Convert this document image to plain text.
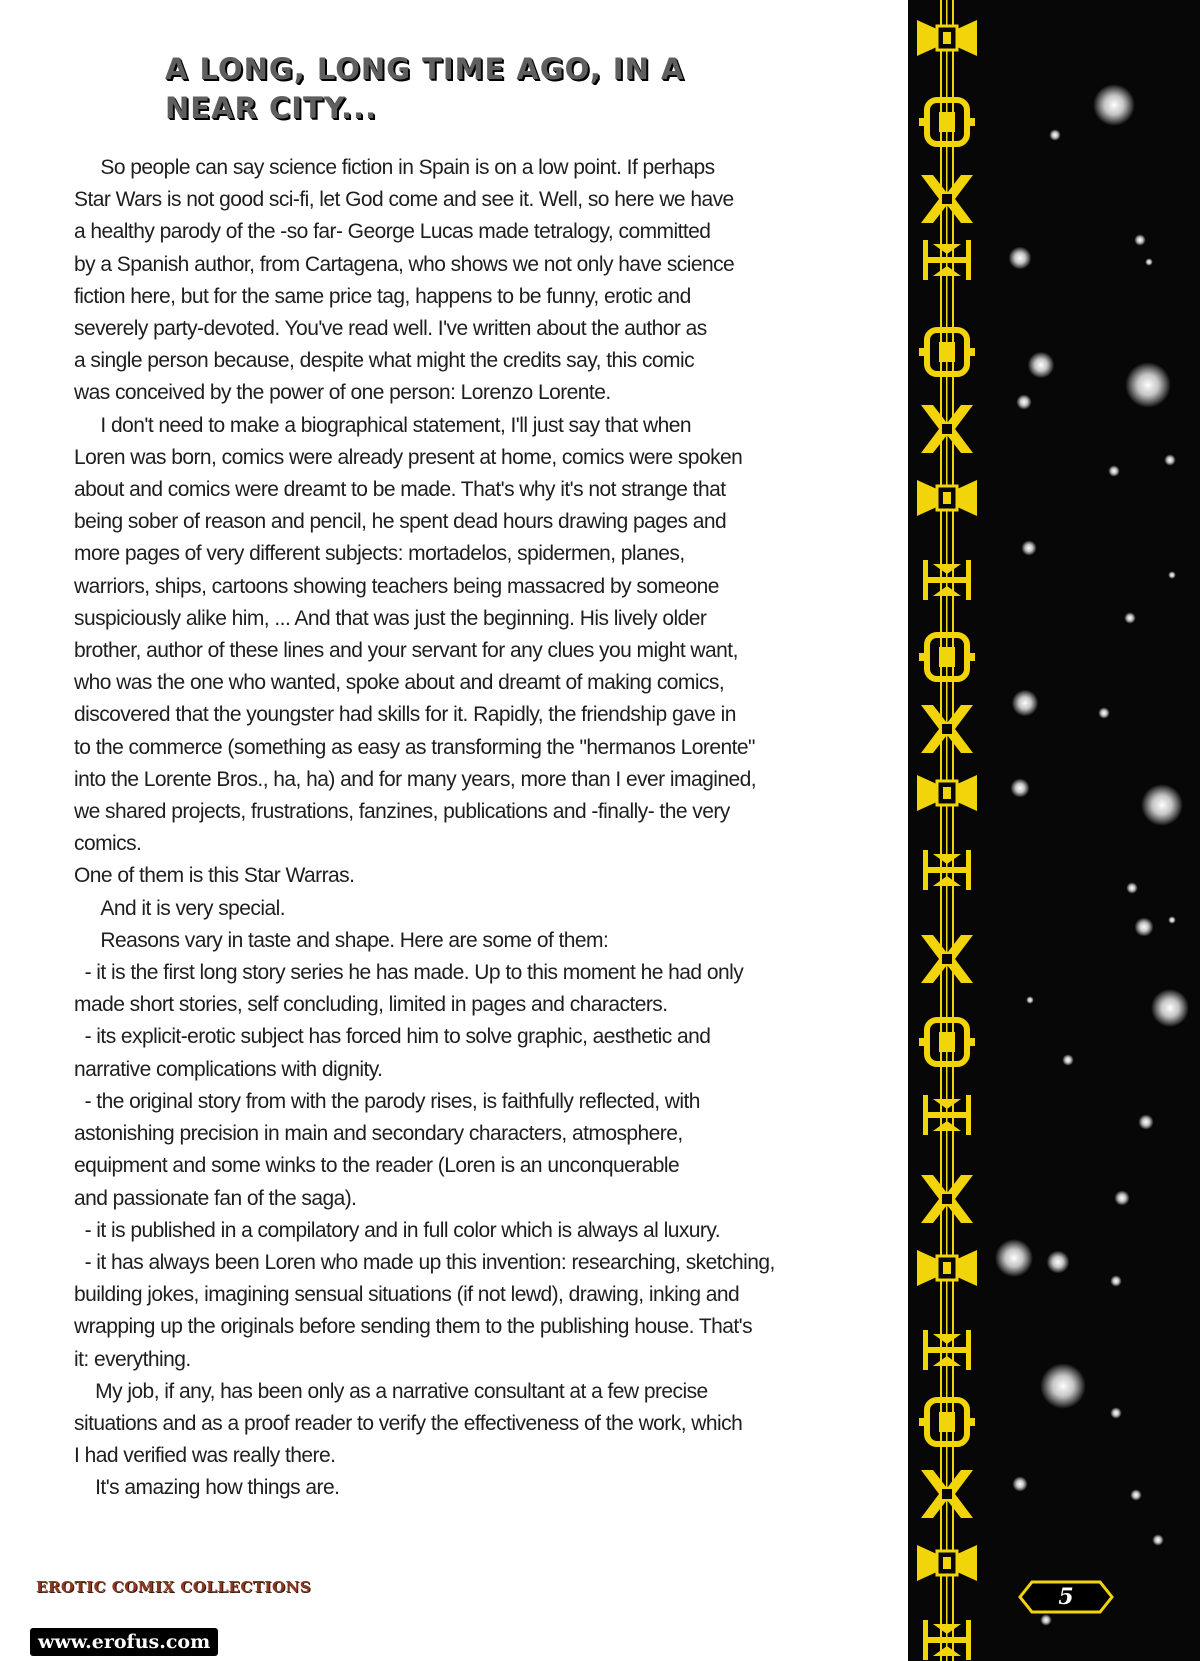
A LONG, LONG TIME AGO, IN A
NEAR CITY...
So people can say science fiction in Spain is on a low point. If perhaps
Star Wars is not good sci-fi, let God come and see it. Well, so here we have
a healthy parody of the -so far- George Lucas made tetralogy, committed
by a Spanish author, from Cartagena, who shows we not only have science
fiction here, but for the same price tag, happens to be funny, erotic and
severely party-devoted. You've read well. I've written about the author as
a single person because, despite what might the credits say, this comic
was conceived by the power of one person: Lorenzo Lorente.
I don't need to make a biographical statement, I'll just say that when
Loren was born, comics were already present at home, comics were spoken
about and comics were dreamt to be made. That's why it's not strange that
being sober of reason and pencil, he spent dead hours drawing pages and
more pages of very different subjects: mortadelos, spidermen, planes,
warriors, ships, cartoons showing teachers being massacred by someone
suspiciously alike him, ... And that was just the beginning. His lively older
brother, author of these lines and your servant for any clues you might want,
who was the one who wanted, spoke about and dreamt of making comics,
discovered that the youngster had skills for it. Rapidly, the friendship gave in
to the commerce (something as easy as transforming the "hermanos Lorente"
into the Lorente Bros., ha, ha) and for many years, more than I ever imagined,
we shared projects, frustrations, fanzines, publications and -finally- the very
comics.
One of them is this Star Warras.
And it is very special.
Reasons vary in taste and shape. Here are some of them:
- it is the first long story series he has made. Up to this moment he had only
made short stories, self concluding, limited in pages and characters.
- its explicit-erotic subject has forced him to solve graphic, aesthetic and
narrative complications with dignity.
- the original story from with the parody rises, is faithfully reflected, with
astonishing precision in main and secondary characters, atmosphere,
equipment and some winks to the reader (Loren is an unconquerable
and passionate fan of the saga).
- it is published in a compilatory and in full color which is always al luxury.
- it has always been Loren who made up this invention: researching, sketching,
building jokes, imagining sensual situations (if not lewd), drawing, inking and
wrapping up the originals before sending them to the publishing house. That's
it: everything.
My job, if any, has been only as a narrative consultant at a few precise
situations and as a proof reader to verify the effectiveness of the work, which
I had verified was really there.
It's amazing how things are.
EROTIC COMIX COLLECTIONS
www.erofus.com
5
